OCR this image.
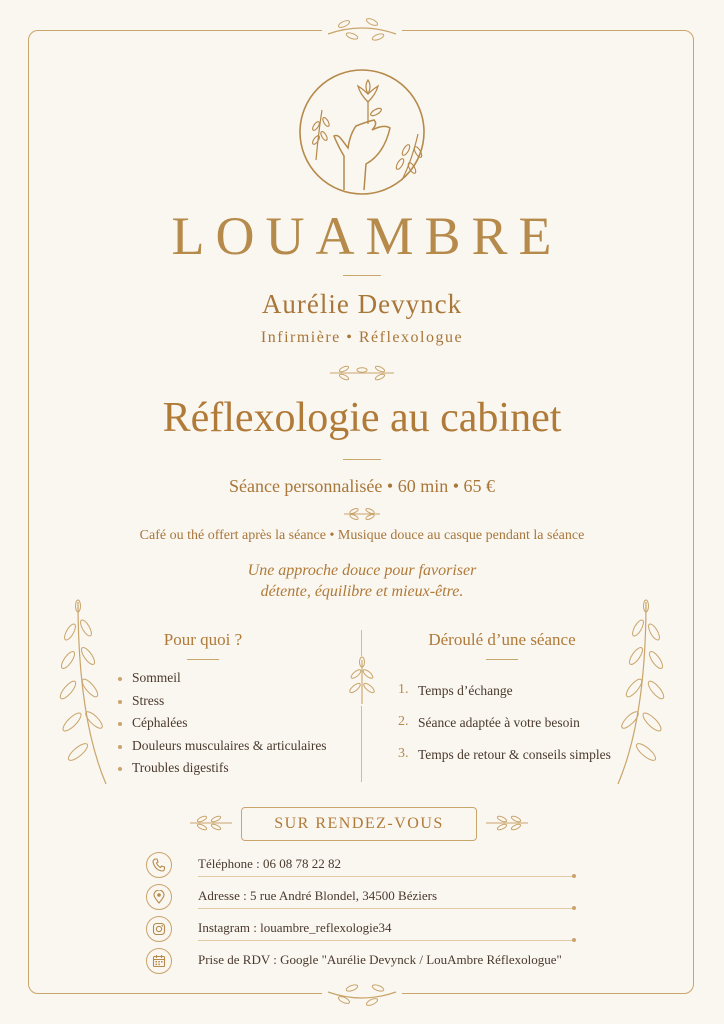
LOUAMBRE
Aurélie Devynck
Infirmière • Réflexologue
Réflexologie au cabinet
Séance personnalisée • 60 min • 65 €
Café ou thé offert après la séance • Musique douce au casque pendant la séance
Une approche douce pour favoriser
détente, équilibre et mieux-être.
Pour quoi ?
Sommeil
Stress
Céphalées
Douleurs musculaires & articulaires
Troubles digestifs
Déroulé d’une séance
1. Temps d’échange
2. Séance adaptée à votre besoin
3. Temps de retour & conseils simples
SUR RENDEZ-VOUS
Téléphone : 06 08 78 22 82
Adresse : 5 rue André Blondel, 34500 Béziers
Instagram : louambre_reflexologie34
Prise de RDV : Google "Aurélie Devynck / LouAmbre Réflexologue"
